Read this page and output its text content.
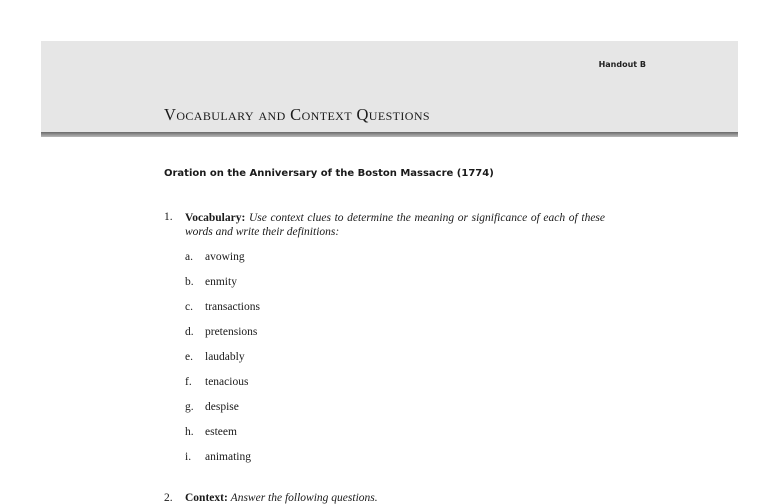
Handout B
Vocabulary and Context Questions
Oration on the Anniversary of the Boston Massacre (1774)
1. Vocabulary: Use context clues to determine the meaning or significance of each of these words and write their definitions:
a. avowing
b. enmity
c. transactions
d. pretensions
e. laudably
f. tenacious
g. despise
h. esteem
i. animating
2. Context: Answer the following questions.
